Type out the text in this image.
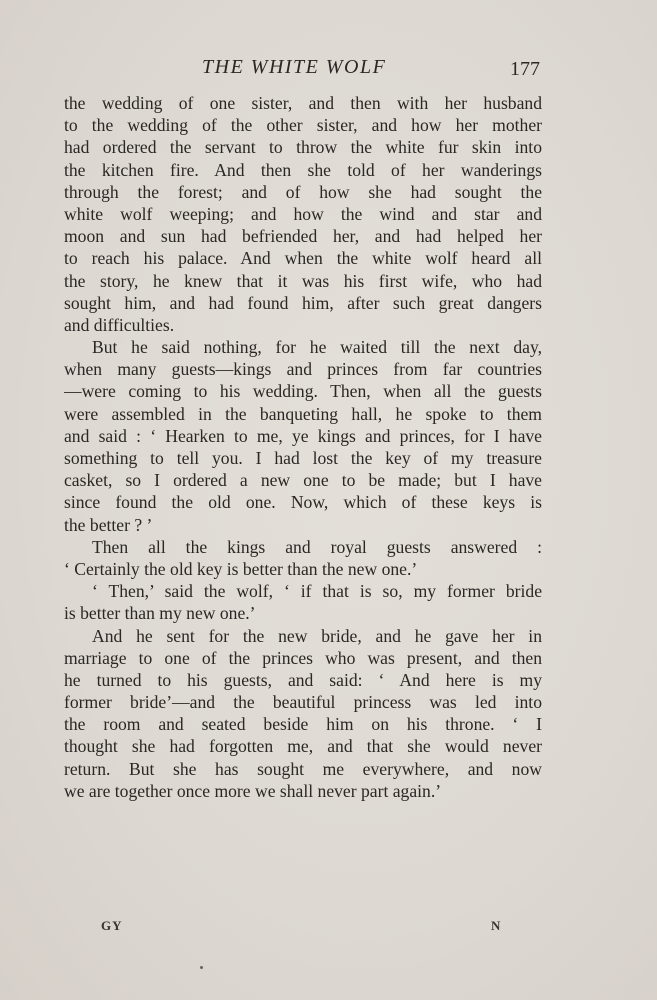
THE WHITE WOLF	177
the wedding of one sister, and then with her husband
to the wedding of the other sister, and how her mother
had ordered the servant to throw the white fur skin into
the kitchen fire. And then she told of her wanderings
through the forest; and of how she had sought the
white wolf weeping; and how the wind and star and
moon and sun had befriended her, and had helped her
to reach his palace. And when the white wolf heard all
the story, he knew that it was his first wife, who had
sought him, and had found him, after such great dangers
and difficulties.
But he said nothing, for he waited till the next day,
when many guests—kings and princes from far countries
—were coming to his wedding. Then, when all the guests
were assembled in the banqueting hall, he spoke to them
and said : ‘ Hearken to me, ye kings and princes, for I have
something to tell you. I had lost the key of my treasure
casket, so I ordered a new one to be made; but I have
since found the old one. Now, which of these keys is
the better ? ’
Then all the kings and royal guests answered :
‘ Certainly the old key is better than the new one.’
‘ Then,’ said the wolf, ‘ if that is so, my former bride
is better than my new one.’
And he sent for the new bride, and he gave her in
marriage to one of the princes who was present, and then
he turned to his guests, and said: ‘ And here is my
former bride’—and the beautiful princess was led into
the room and seated beside him on his throne. ‘ I
thought she had forgotten me, and that she would never
return. But she has sought me everywhere, and now
we are together once more we shall never part again.’
GY	N
